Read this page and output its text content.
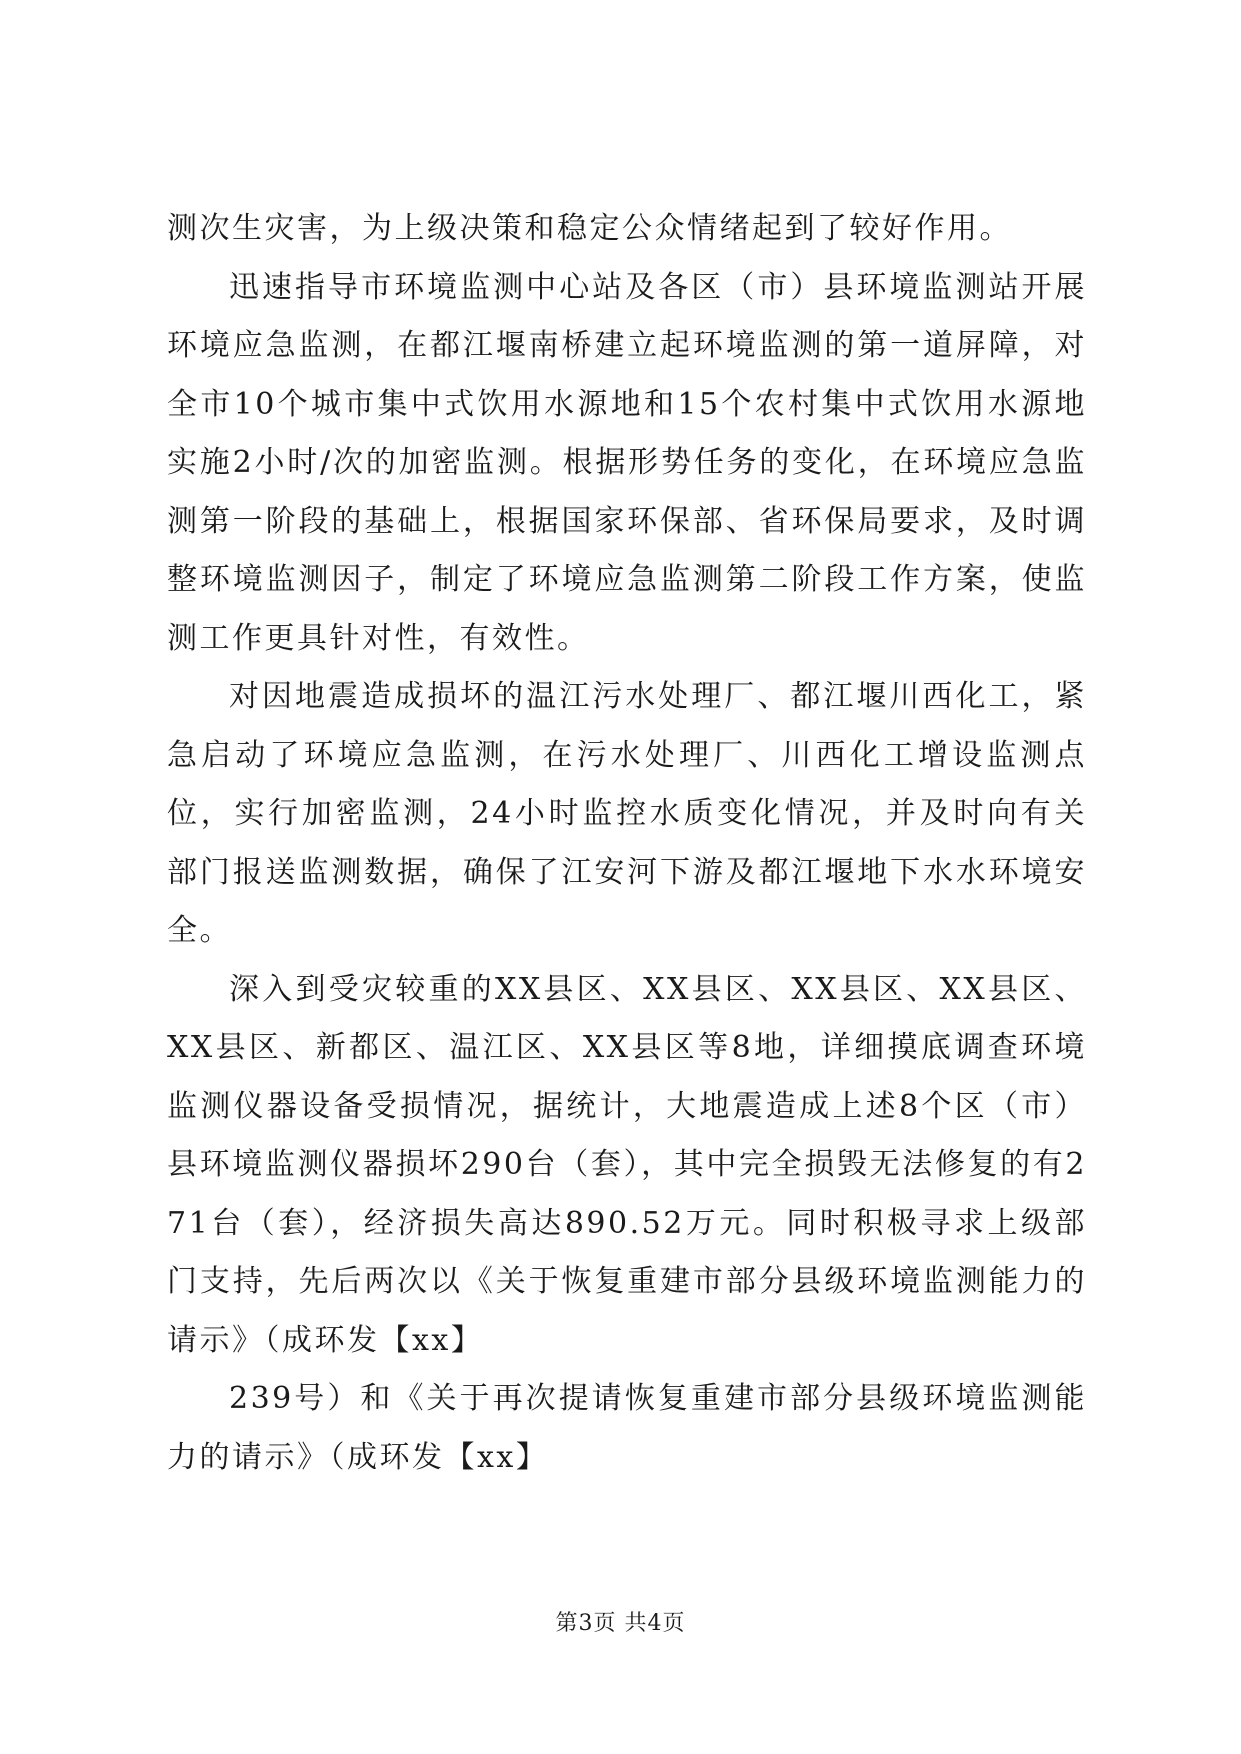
测次生灾害，为上级决策和稳定公众情绪起到了较好作用。

迅速指导市环境监测中心站及各区（市）县环境监测站开展环境应急监测，在都江堰南桥建立起环境监测的第一道屏障，对全市10个城市集中式饮用水源地和15个农村集中式饮用水源地实施2小时/次的加密监测。根据形势任务的变化，在环境应急监测第一阶段的基础上，根据国家环保部、省环保局要求，及时调整环境监测因子，制定了环境应急监测第二阶段工作方案，使监测工作更具针对性，有效性。

对因地震造成损坏的温江污水处理厂、都江堰川西化工，紧急启动了环境应急监测，在污水处理厂、川西化工增设监测点位，实行加密监测，24小时监控水质变化情况，并及时向有关部门报送监测数据，确保了江安河下游及都江堰地下水水环境安全。

深入到受灾较重的XX县区、XX县区、XX县区、XX县区、XX县区、新都区、温江区、XX县区等8地，详细摸底调查环境监测仪器设备受损情况，据统计，大地震造成上述8个区（市）县环境监测仪器损坏290台（套），其中完全损毁无法修复的有271台（套），经济损失高达890.52万元。同时积极寻求上级部门支持，先后两次以《关于恢复重建市部分县级环境监测能力的请示》（成环发【xx】

239号）和《关于再次提请恢复重建市部分县级环境监测能力的请示》（成环发【xx】

第3页 共4页
